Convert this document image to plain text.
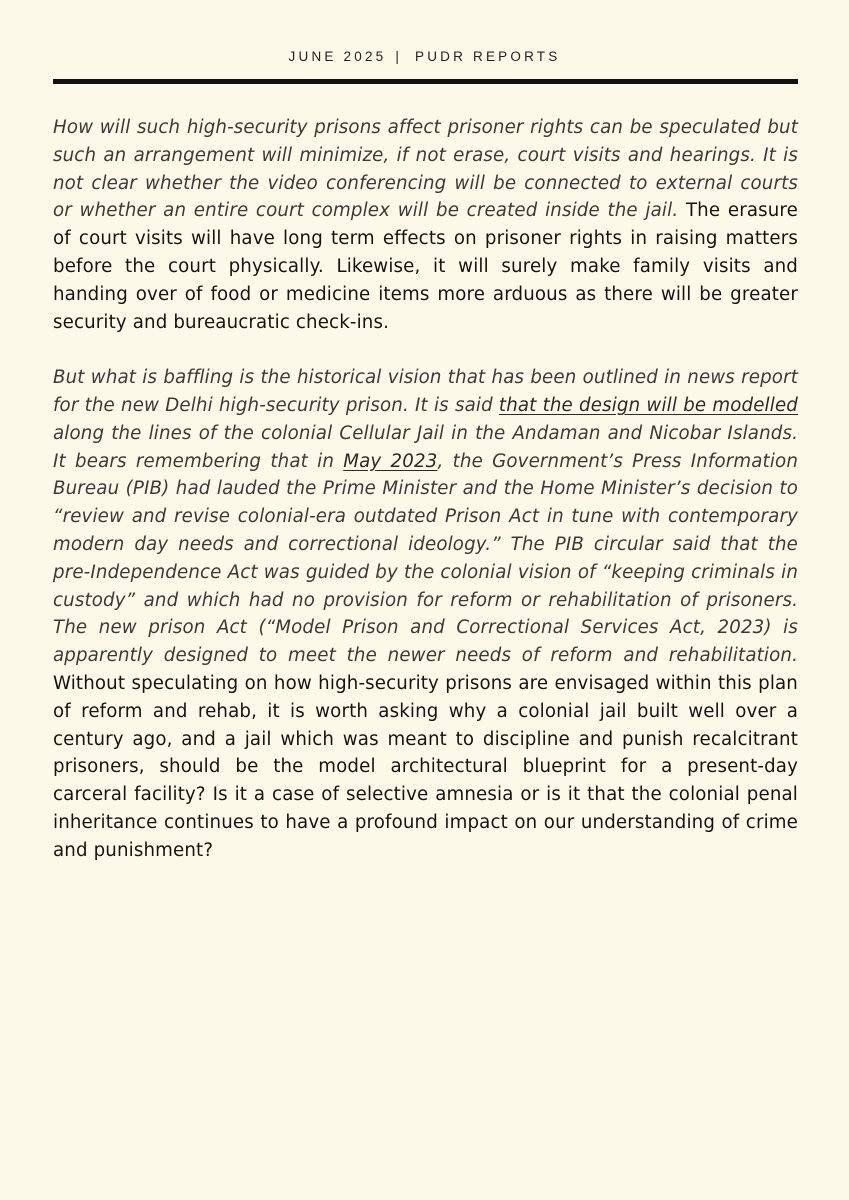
JUNE 2025 | PUDR REPORTS

How will such high-security prisons affect prisoner rights can be speculated but such an arrangement will minimize, if not erase, court visits and hearings. It is not clear whether the video conferencing will be connected to external courts or whether an entire court complex will be created inside the jail. The erasure of court visits will have long term effects on prisoner rights in raising matters before the court physically. Likewise, it will surely make family visits and handing over of food or medicine items more arduous as there will be greater security and bureaucratic check-ins.

But what is baffling is the historical vision that has been outlined in news report for the new Delhi high-security prison. It is said that the design will be modelled along the lines of the colonial Cellular Jail in the Andaman and Nicobar Islands. It bears remembering that in May 2023, the Government’s Press Information Bureau (PIB) had lauded the Prime Minister and the Home Minister’s decision to “review and revise colonial-era outdated Prison Act in tune with contemporary modern day needs and correctional ideology.” The PIB circular said that the pre-Independence Act was guided by the colonial vision of “keeping criminals in custody” and which had no provision for reform or rehabilitation of prisoners. The new prison Act (“Model Prison and Correctional Services Act, 2023) is apparently designed to meet the newer needs of reform and rehabilitation. Without speculating on how high-security prisons are envisaged within this plan of reform and rehab, it is worth asking why a colonial jail built well over a century ago, and a jail which was meant to discipline and punish recalcitrant prisoners, should be the model architectural blueprint for a present-day carceral facility? Is it a case of selective amnesia or is it that the colonial penal inheritance continues to have a profound impact on our understanding of crime and punishment?
